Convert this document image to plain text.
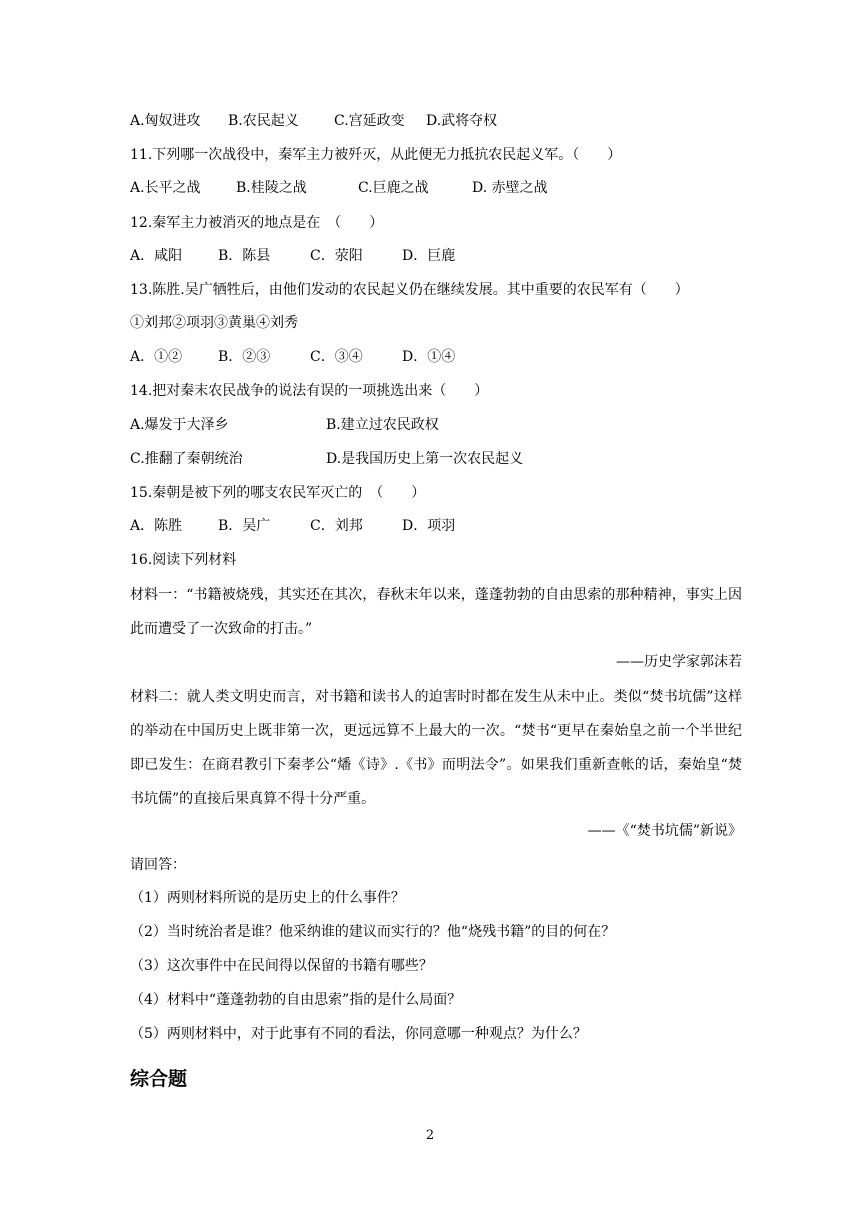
A.匈奴进攻 B.农民起义	C.宫延政变 D.武将夺权
11.下列哪一次战役中，秦军主力被歼灭，从此便无力抵抗农民起义军。（　　）
A.长平之战	B.桂陵之战	C.巨鹿之战	D. 赤壁之战
12.秦军主力被消灭的地点是在　（　　）
A．咸阳	B．陈县	C．荥阳	D．巨鹿
13.陈胜.吴广牺牲后，由他们发动的农民起义仍在继续发展。其中重要的农民军有（　　）
①刘邦②项羽③黄巢④刘秀
A．①②	B．②③	C．③④	D．①④
14.把对秦末农民战争的说法有误的一项挑选出来（　　）
A.爆发于大泽乡	B.建立过农民政权
C.推翻了秦朝统治	D.是我国历史上第一次农民起义
15.秦朝是被下列的哪支农民军灭亡的　（　　）
A．陈胜	B．吴广	C．刘邦	D．项羽
16.阅读下列材料
材料一：“书籍被烧残，其实还在其次，春秋末年以来，蓬蓬勃勃的自由思索的那种精神，事实上因此而遭受了一次致命的打击。”
——历史学家郭沫若
材料二：就人类文明史而言，对书籍和读书人的迫害时时都在发生从未中止。类似“焚书坑儒”这样的举动在中国历史上既非第一次，更远远算不上最大的一次。“焚书“更早在秦始皇之前一个半世纪即已发生：在商君教引下秦孝公“燔《诗》.《书》而明法令”。如果我们重新查帐的话，秦始皇“焚书坑儒”的直接后果真算不得十分严重。
——《“焚书坑儒”新说》
请回答：
（1）两则材料所说的是历史上的什么事件？
（2）当时统治者是谁？他采纳谁的建议而实行的？他“烧残书籍”的目的何在？
（3）这次事件中在民间得以保留的书籍有哪些？
（4）材料中“蓬蓬勃勃的自由思索”指的是什么局面？
（5）两则材料中，对于此事有不同的看法，你同意哪一种观点？为什么？
综合题
2
